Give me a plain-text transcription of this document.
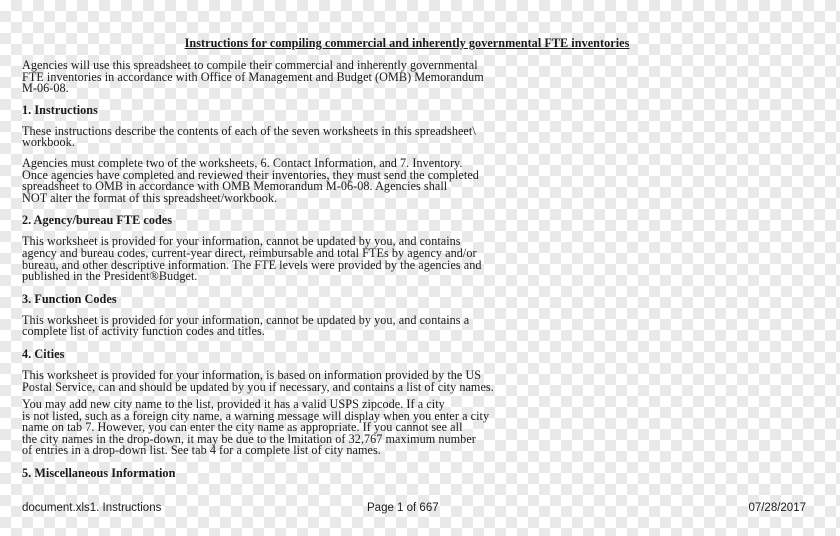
Instructions for compiling commercial and inherently governmental FTE inventories

Agencies will use this spreadsheet to compile their commercial and inherently governmental
FTE inventories in accordance with Office of Management and Budget (OMB) Memorandum
M-06-08.

1. Instructions

These instructions describe the contents of each of the seven worksheets in this spreadsheet\
workbook.

Agencies must complete two of the worksheets, 6. Contact Information, and 7. Inventory.
Once agencies have completed and reviewed their inventories, they must send the completed
spreadsheet to OMB in accordance with OMB Memorandum M-06-08. Agencies shall
NOT alter the format of this spreadsheet/workbook.

2. Agency/bureau FTE codes

This worksheet is provided for your information, cannot be updated by you, and contains
agency and bureau codes, current-year direct, reimbursable and total FTEs by agency and/or
bureau, and other descriptive information. The FTE levels were provided by the agencies and
published in the President®Budget.

3. Function Codes

This worksheet is provided for your information, cannot be updated by you, and contains a
complete list of activity function codes and titles.

4. Cities

This worksheet is provided for your information, is based on information provided by the US
Postal Service, can and should be updated by you if necessary, and contains a list of city names.

You may add new city name to the list, provided it has a valid USPS zipcode. If a city
is not listed, such as a foreign city name, a warning message will display when you enter a city
name on tab 7. However, you can enter the city name as appropriate. If you cannot see all
the city names in the drop-down, it may be due to the lmitation of 32,767 maximum number
of entries in a drop-down list. See tab 4 for a complete list of city names.

5. Miscellaneous Information

document.xls1. Instructions	Page 1 of 667	07/28/2017
